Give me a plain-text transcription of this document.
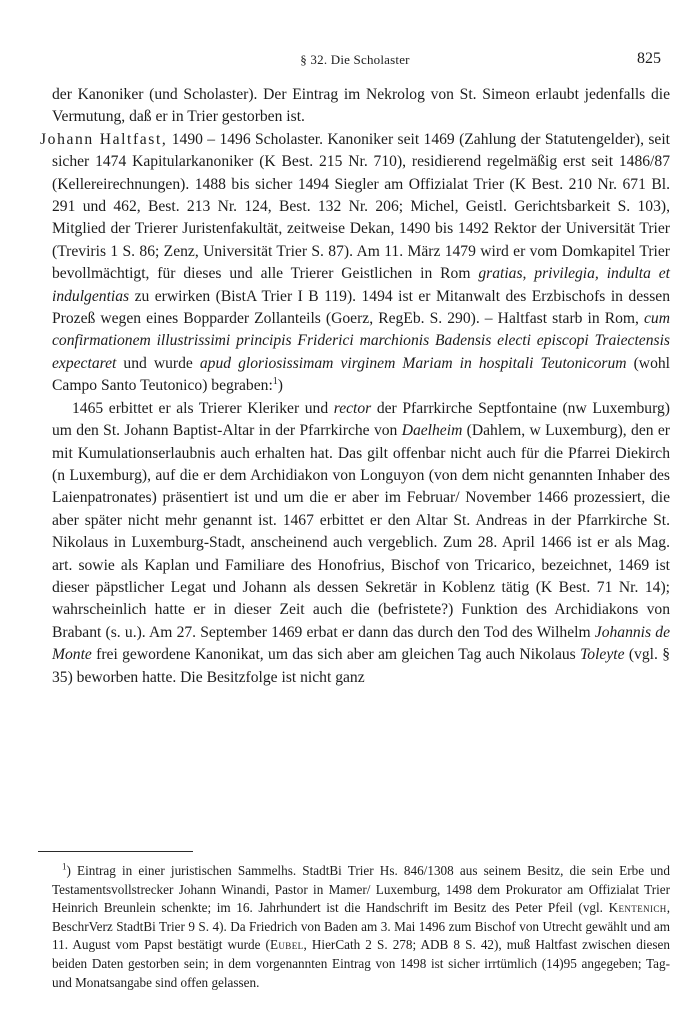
§ 32. Die Scholaster	825

der Kanoniker (und Scholaster). Der Eintrag im Nekrolog von St. Simeon erlaubt jedenfalls die Vermutung, daß er in Trier gestorben ist.

Johann Haltfast, 1490 – 1496 Scholaster. Kanoniker seit 1469 (Zahlung der Statutengelder), seit sicher 1474 Kapitularkanoniker (K Best. 215 Nr. 710), residierend regelmäßig erst seit 1486/87 (Kellereirechnungen). 1488 bis sicher 1494 Siegler am Offizialat Trier (K Best. 210 Nr. 671 Bl. 291 und 462, Best. 213 Nr. 124, Best. 132 Nr. 206; Michel, Geistl. Gerichtsbarkeit S. 103), Mitglied der Trierer Juristenfakultät, zeitweise Dekan, 1490 bis 1492 Rektor der Universität Trier (Treviris 1 S. 86; Zenz, Universität Trier S. 87). Am 11. März 1479 wird er vom Domkapitel Trier bevollmächtigt, für dieses und alle Trierer Geistlichen in Rom gratias, privilegia, indulta et indulgentias zu erwirken (BistA Trier I B 119). 1494 ist er Mitanwalt des Erzbischofs in dessen Prozeß wegen eines Bopparder Zollanteils (Goerz, RegEb. S. 290). – Haltfast starb in Rom, cum confirmationem illustrissimi principis Friderici marchionis Badensis electi episcopi Traiectensis expectaret und wurde apud gloriosissimam virginem Mariam in hospitali Teutonicorum (wohl Campo Santo Teutonico) begraben:$^1$)

1465 erbittet er als Trierer Kleriker und rector der Pfarrkirche Septfontaine (nw Luxemburg) um den St. Johann Baptist-Altar in der Pfarrkirche von Daelheim (Dahlem, w Luxemburg), den er mit Kumulationserlaubnis auch erhalten hat. Das gilt offenbar nicht auch für die Pfarrei Diekirch (n Luxemburg), auf die er dem Archidiakon von Longuyon (von dem nicht genannten Inhaber des Laienpatronates) präsentiert ist und um die er aber im Februar/ November 1466 prozessiert, die aber später nicht mehr genannt ist. 1467 erbittet er den Altar St. Andreas in der Pfarrkirche St. Nikolaus in Luxemburg-Stadt, anscheinend auch vergeblich. Zum 28. April 1466 ist er als Mag. art. sowie als Kaplan und Familiare des Honofrius, Bischof von Tricarico, bezeichnet, 1469 ist dieser päpstlicher Legat und Johann als dessen Sekretär in Koblenz tätig (K Best. 71 Nr. 14); wahrscheinlich hatte er in dieser Zeit auch die (befristete?) Funktion des Archidiakons von Brabant (s. u.). Am 27. September 1469 erbat er dann das durch den Tod des Wilhelm Johannis de Monte frei gewordene Kanonikat, um das sich aber am gleichen Tag auch Nikolaus Toleyte (vgl. § 35) beworben hatte. Die Besitzfolge ist nicht ganz

$^1$) Eintrag in einer juristischen Sammelhs. StadtBi Trier Hs. 846/1308 aus seinem Besitz, die sein Erbe und Testamentsvollstrecker Johann Winandi, Pastor in Mamer/ Luxemburg, 1498 dem Prokurator am Offizialat Trier Heinrich Breunlein schenkte; im 16. Jahrhundert ist die Handschrift im Besitz des Peter Pfeil (vgl. Kentenich, BeschrVerz StadtBi Trier 9 S. 4). Da Friedrich von Baden am 3. Mai 1496 zum Bischof von Utrecht gewählt und am 11. August vom Papst bestätigt wurde (Eubel, HierCath 2 S. 278; ADB 8 S. 42), muß Haltfast zwischen diesen beiden Daten gestorben sein; in dem vorgenannten Eintrag von 1498 ist sicher irrtümlich (14)95 angegeben; Tag- und Monatsangabe sind offen gelassen.
